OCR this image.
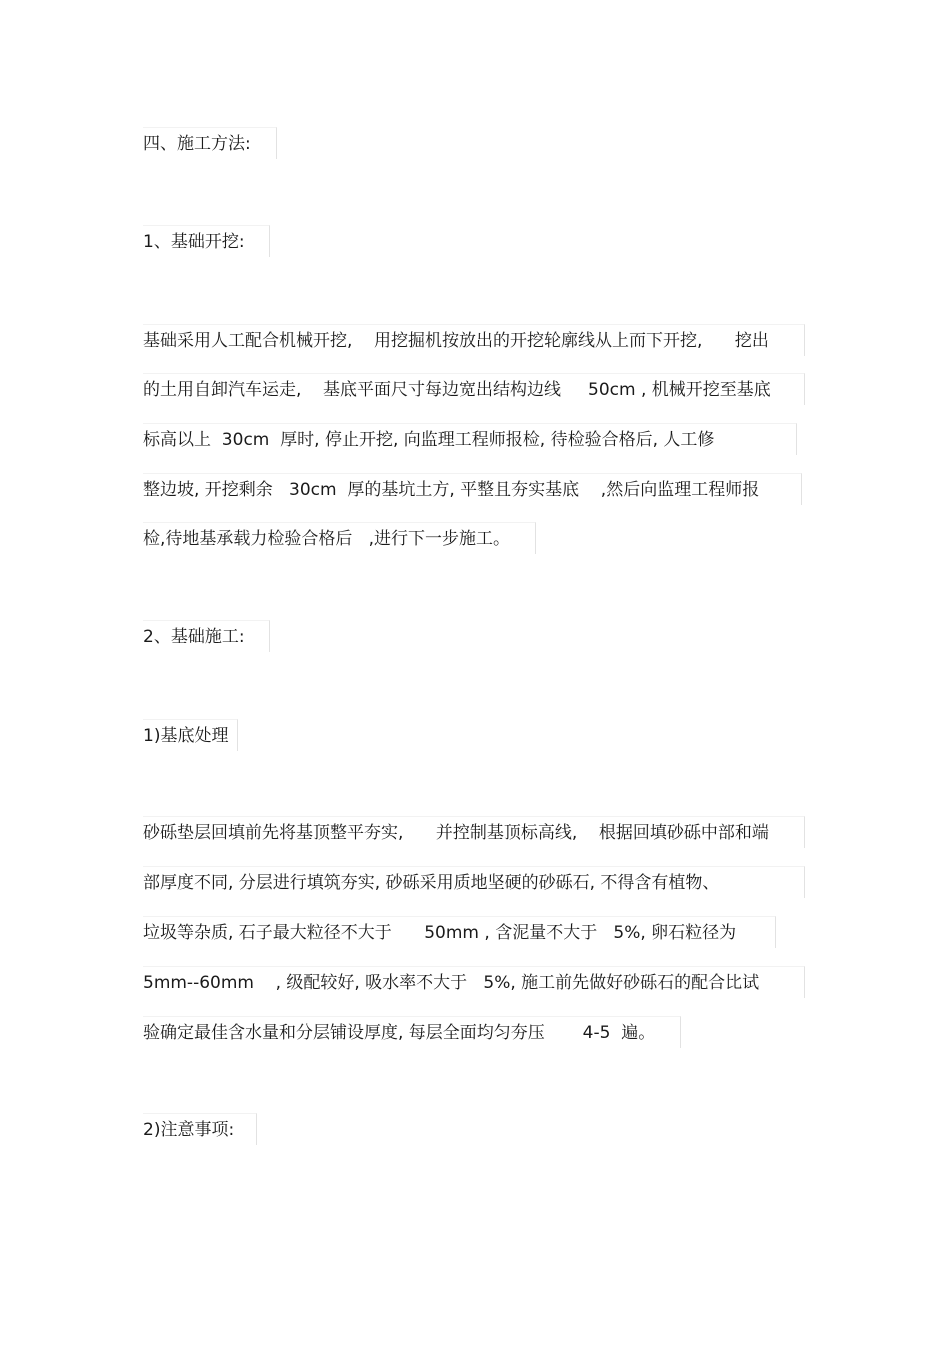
四、施工方法:
1、基础开挖:
基础采用人工配合机械开挖,    用挖掘机按放出的开挖轮廓线从上而下开挖,      挖出
的土用自卸汽车运走,    基底平面尺寸每边宽出结构边线     50cm , 机械开挖至基底
标高以上  30cm  厚时, 停止开挖, 向监理工程师报检, 待检验合格后, 人工修
整边坡, 开挖剩余   30cm  厚的基坑土方, 平整且夯实基底    ,然后向监理工程师报
检,待地基承载力检验合格后   ,进行下一步施工。
2、基础施工:
1)基底处理
砂砾垫层回填前先将基顶整平夯实,      并控制基顶标高线,    根据回填砂砾中部和端
部厚度不同, 分层进行填筑夯实, 砂砾采用质地坚硬的砂砾石, 不得含有植物、
垃圾等杂质, 石子最大粒径不大于      50mm , 含泥量不大于   5%, 卵石粒径为
5mm--60mm    , 级配较好, 吸水率不大于   5%, 施工前先做好砂砾石的配合比试
验确定最佳含水量和分层铺设厚度, 每层全面均匀夯压       4-5  遍。
2)注意事项:
